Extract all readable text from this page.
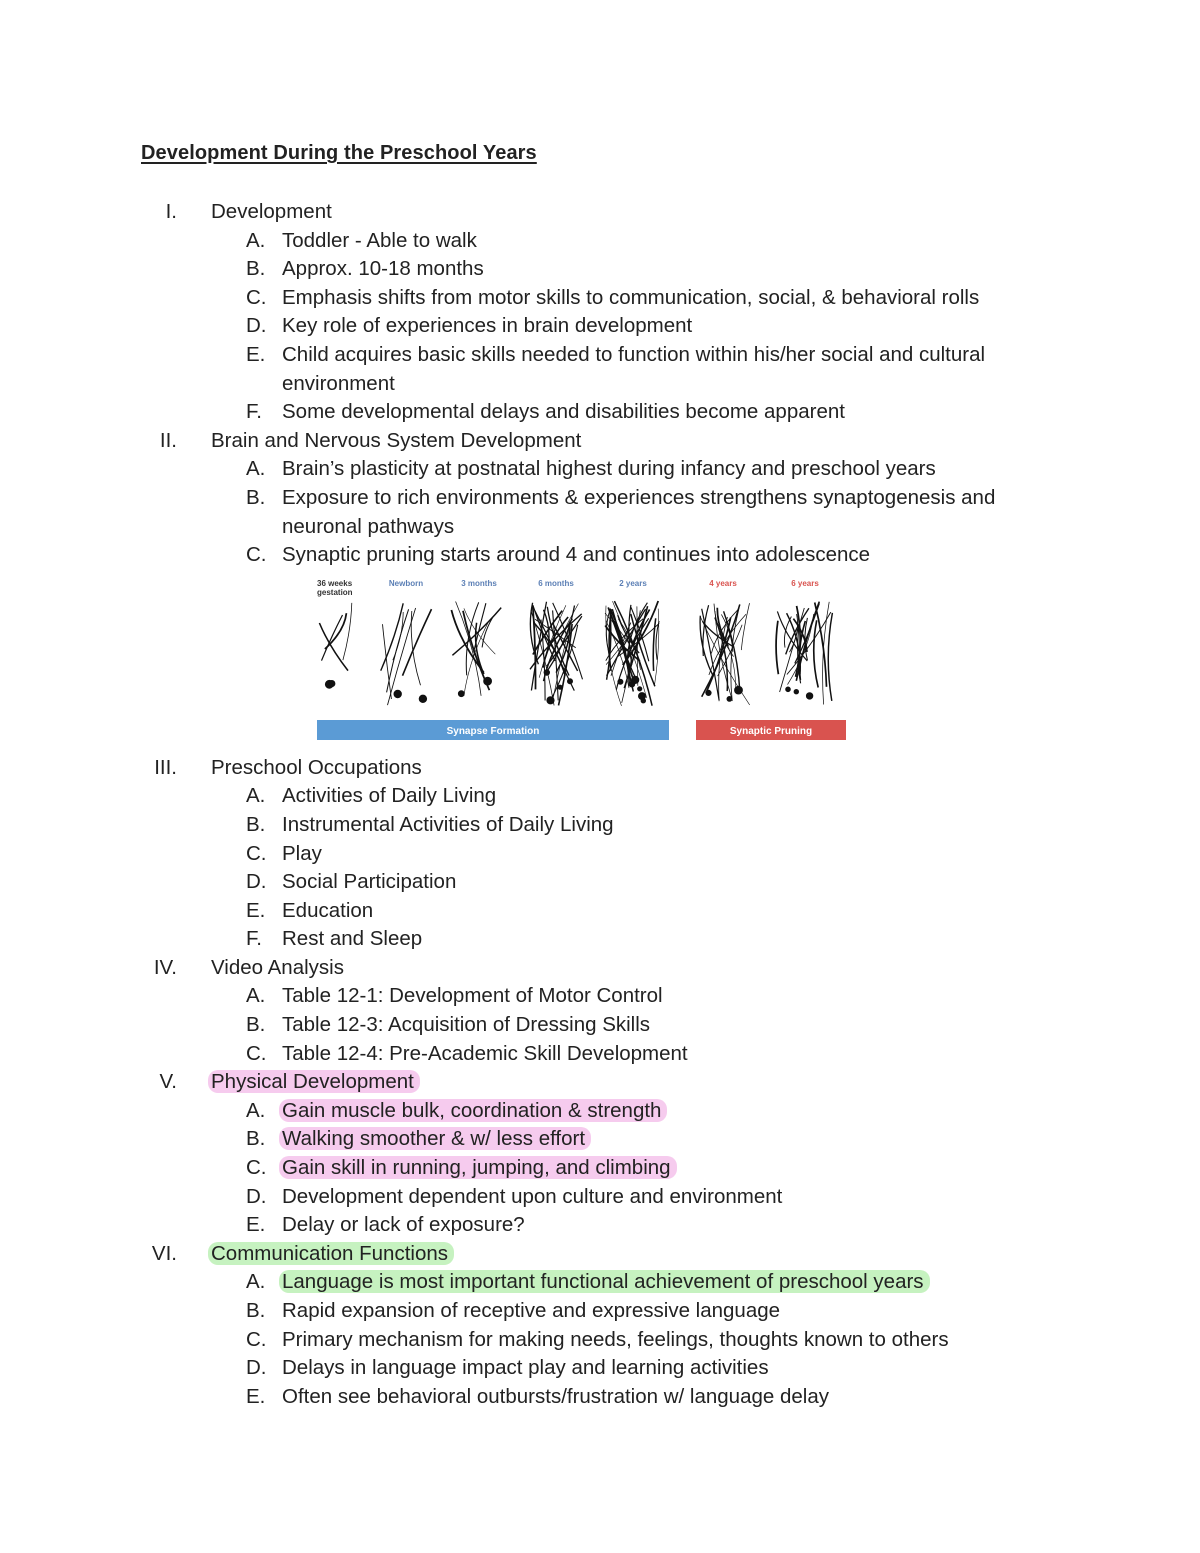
Development During the Preschool Years
I. Development
A. Toddler - Able to walk
B. Approx. 10-18 months
C. Emphasis shifts from motor skills to communication, social, & behavioral rolls
D. Key role of experiences in brain development
E. Child acquires basic skills needed to function within his/her social and cultural environment
F. Some developmental delays and disabilities become apparent
II. Brain and Nervous System Development
A. Brain’s plasticity at postnatal highest during infancy and preschool years
B. Exposure to rich environments & experiences strengthens synaptogenesis and neuronal pathways
C. Synaptic pruning starts around 4 and continues into adolescence
36 weeks gestation
Newborn	3 months	6 months	2 years	4 years	6 years
Synapse Formation	Synaptic Pruning
III. Preschool Occupations
A. Activities of Daily Living
B. Instrumental Activities of Daily Living
C. Play
D. Social Participation
E. Education
F. Rest and Sleep
IV. Video Analysis
A. Table 12-1: Development of Motor Control
B. Table 12-3: Acquisition of Dressing Skills
C. Table 12-4: Pre-Academic Skill Development
V. Physical Development
A. Gain muscle bulk, coordination & strength
B. Walking smoother & w/ less effort
C. Gain skill in running, jumping, and climbing
D. Development dependent upon culture and environment
E. Delay or lack of exposure?
VI. Communication Functions
A. Language is most important functional achievement of preschool years
B. Rapid expansion of receptive and expressive language
C. Primary mechanism for making needs, feelings, thoughts known to others
D. Delays in language impact play and learning activities
E. Often see behavioral outbursts/frustration w/ language delay
